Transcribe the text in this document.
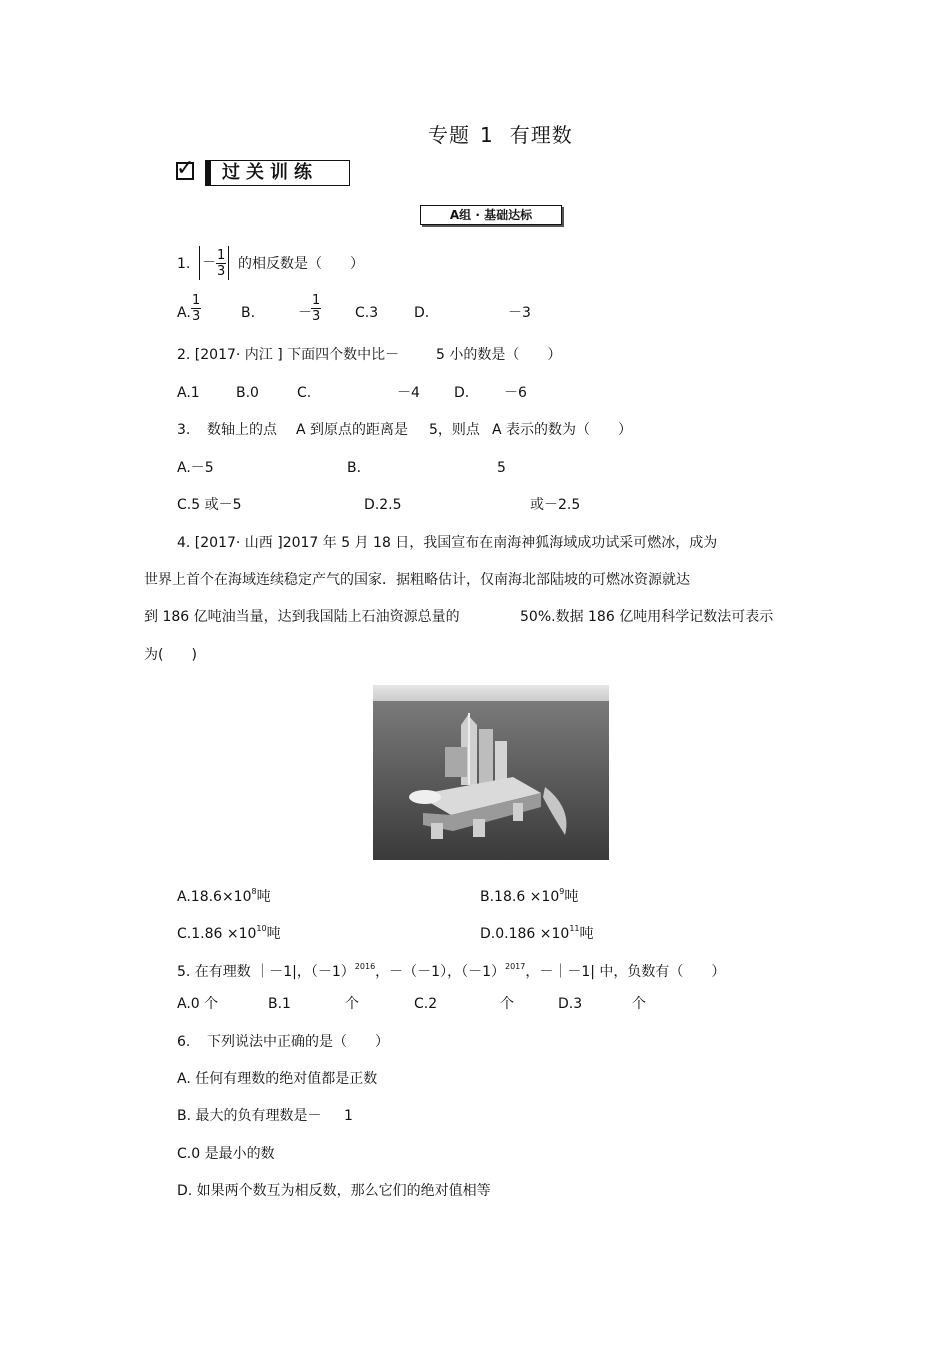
专题 1 有理数
✓ 过关训练
A组 · 基础达标
1. － $\frac{1}{3}$ 的相反数是（　　）
A. $\frac{1}{3}$	B.	－ $\frac{1}{3} C.3$	D.	－3
2. [2017· 内江 ] 下面四个数中比－	5 小的数是（　　）
A.1	B.0	C.	－4 D. －6
3. 数轴上的点 A 到原点的距离是 5，则点 A 表示的数为（　　）
A.－5	B.	5
C.5 或－5	D.2.5	或－2.5
4. [2017· 山西 ]2017 年 5 月 18 日，我国宣布在南海神狐海域成功试采可燃冰，成为
世界上首个在海域连续稳定产气的国家．据粗略估计，仅南海北部陆坡的可燃冰资源就达
到 186 亿吨油当量，达到我国陆上石油资源总量的	50%.数据 186 亿吨用科学记数法可表示
为(　　)
$A.18.6\times 10^8$吨	$B.18.6 \times 10^9$吨
$C.1.86 \times 10^{10}$吨	$D.0.186 \times 10^{11}$吨
5. 在有理数 ｜－1|，$(-1)^{2016}$，－（－1），$(-1)^{2017}$，－｜－1| 中，负数有（　　）
A.0 个	B.1	个	C.2	个	D.3	个
6. 下列说法中正确的是（　　）
A. 任何有理数的绝对值都是正数
B. 最大的负有理数是－ 1
C.0 是最小的数
D. 如果两个数互为相反数，那么它们的绝对值相等
